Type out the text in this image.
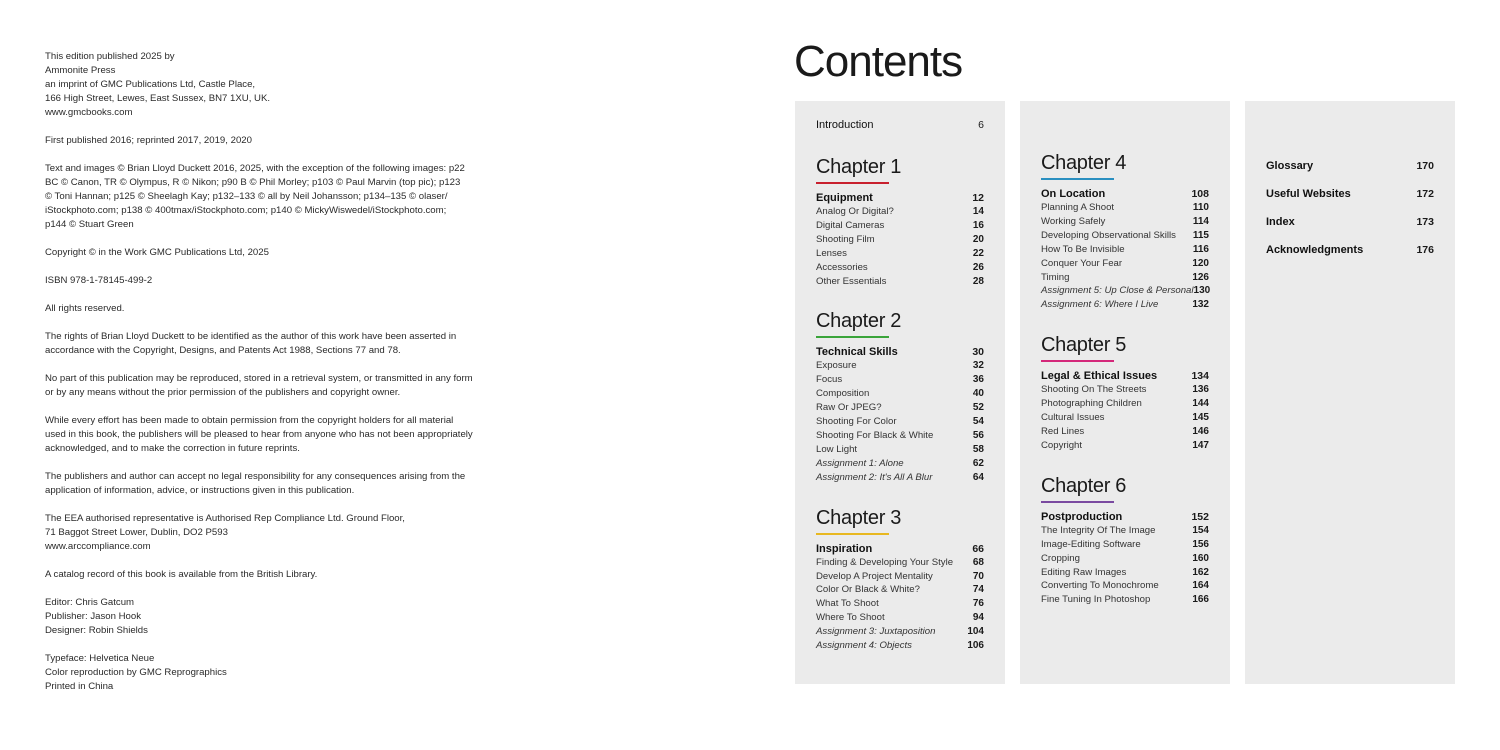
This edition published 2025 by
Ammonite Press
an imprint of GMC Publications Ltd, Castle Place,
166 High Street, Lewes, East Sussex, BN7 1XU, UK.
www.gmcbooks.com
First published 2016; reprinted 2017, 2019, 2020
Text and images © Brian Lloyd Duckett 2016, 2025, with the exception of the following images: p22
BC © Canon, TR © Olympus, R © Nikon; p90 B © Phil Morley; p103 © Paul Marvin (top pic); p123
© Toni Hannan; p125 © Sheelagh Kay; p132–133 © all by Neil Johansson; p134–135 © olaser/
iStockphoto.com; p138 © 400tmax/iStockphoto.com; p140 © MickyWiswedel/iStockphoto.com;
p144 © Stuart Green
Copyright © in the Work GMC Publications Ltd, 2025
ISBN 978-1-78145-499-2
All rights reserved.
The rights of Brian Lloyd Duckett to be identified as the author of this work have been asserted in
accordance with the Copyright, Designs, and Patents Act 1988, Sections 77 and 78.
No part of this publication may be reproduced, stored in a retrieval system, or transmitted in any form
or by any means without the prior permission of the publishers and copyright owner.
While every effort has been made to obtain permission from the copyright holders for all material
used in this book, the publishers will be pleased to hear from anyone who has not been appropriately
acknowledged, and to make the correction in future reprints.
The publishers and author can accept no legal responsibility for any consequences arising from the
application of information, advice, or instructions given in this publication.
The EEA authorised representative is Authorised Rep Compliance Ltd. Ground Floor,
71 Baggot Street Lower, Dublin, DO2 P593
www.arccompliance.com
A catalog record of this book is available from the British Library.
Editor: Chris Gatcum
Publisher: Jason Hook
Designer: Robin Shields
Typeface: Helvetica Neue
Color reproduction by GMC Reprographics
Printed in China
Contents
Introduction	6
Chapter 1
Equipment	12
Analog Or Digital?	14
Digital Cameras	16
Shooting Film	20
Lenses	22
Accessories	26
Other Essentials	28
Chapter 2
Technical Skills	30
Exposure	32
Focus	36
Composition	40
Raw Or JPEG?	52
Shooting For Color	54
Shooting For Black & White	56
Low Light	58
Assignment 1: Alone	62
Assignment 2: It's All A Blur	64
Chapter 3
Inspiration	66
Finding & Developing Your Style 68
Develop A Project Mentality	70
Color Or Black & White?	74
What To Shoot	76
Where To Shoot	94
Assignment 3: Juxtaposition	104
Assignment 4: Objects	106
Chapter 4
On Location	108
Planning A Shoot	110
Working Safely	114
Developing Observational Skills 115
How To Be Invisible	116
Conquer Your Fear	120
Timing	126
Assignment 5: Up Close & Personal 130
Assignment 6: Where I Live	132
Chapter 5
Legal & Ethical Issues	134
Shooting On The Streets	136
Photographing Children	144
Cultural Issues	145
Red Lines	146
Copyright	147
Chapter 6
Postproduction	152
The Integrity Of The Image	154
Image-Editing Software	156
Cropping	160
Editing Raw Images	162
Converting To Monochrome	164
Fine Tuning In Photoshop	166
Glossary	170
Useful Websites	172
Index	173
Acknowledgments	176
